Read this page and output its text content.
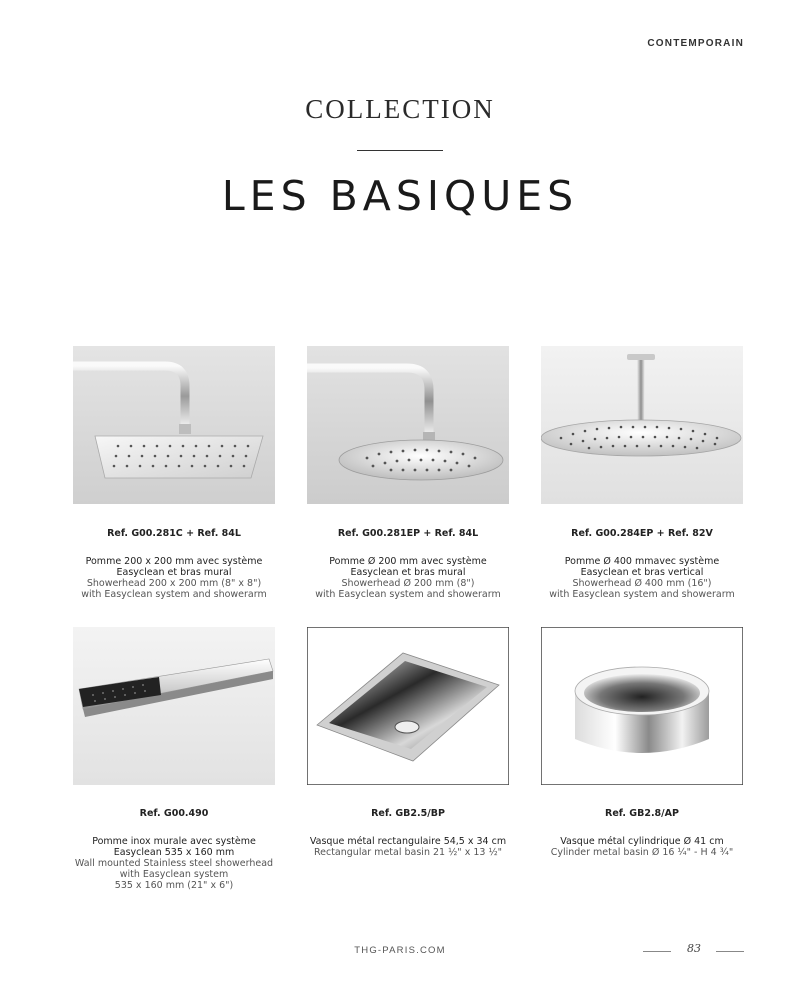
CONTEMPORAIN
COLLECTION
LES BASIQUES
Ref. G00.281C + Ref. 84L
Pomme 200 x 200 mm avec système
Easyclean et bras mural
Showerhead 200 x 200 mm (8" x 8")
with Easyclean system and showerarm
Ref. G00.281EP + Ref. 84L
Pomme Ø 200 mm avec système
Easyclean et bras mural
Showerhead Ø 200 mm (8")
with Easyclean system and showerarm
Ref. G00.284EP + Ref. 82V
Pomme Ø 400 mmavec système
Easyclean et bras vertical
Showerhead Ø 400 mm (16")
with Easyclean system and showerarm
Ref. G00.490
Pomme inox murale avec système
Easyclean 535 x 160 mm
Wall mounted Stainless steel showerhead
with Easyclean system
535 x 160 mm (21" x 6")
Ref. GB2.5/BP
Vasque métal rectangulaire 54,5 x 34 cm
Rectangular metal basin 21 ½" x 13 ½"
Ref. GB2.8/AP
Vasque métal cylindrique Ø 41 cm
Cylinder metal basin Ø 16 ¼" - H 4 ¾"
THG-PARIS.COM	83
